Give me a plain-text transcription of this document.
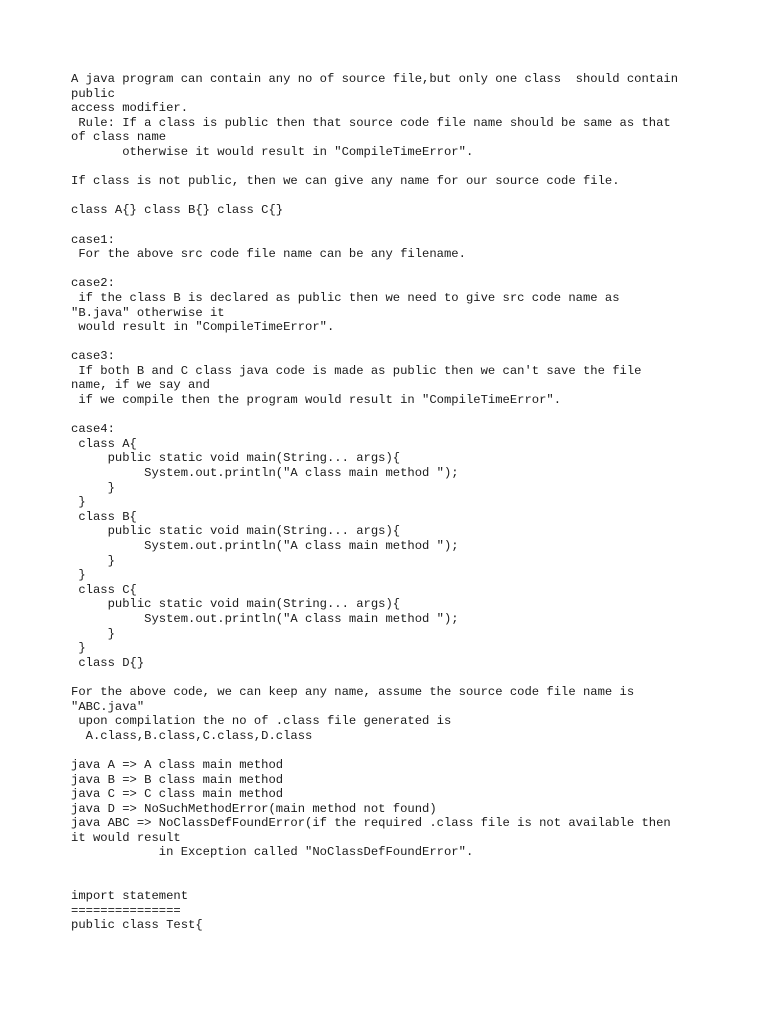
A java program can contain any no of source file,but only one class  should contain
public
access modifier.
Rule: If a class is public then that source code file name should be same as that
of class name
otherwise it would result in "CompileTimeError".

If class is not public, then we can give any name for our source code file.

class A{} class B{} class C{}

case1:
For the above src code file name can be any filename.

case2:
if the class B is declared as public then we need to give src code name as
"B.java" otherwise it
would result in "CompileTimeError".

case3:
If both B and C class java code is made as public then we can't save the file
name, if we say and
if we compile then the program would result in "CompileTimeError".

case4:
class A{
public static void main(String... args){
System.out.println("A class main method ");
}
}
class B{
public static void main(String... args){
System.out.println("A class main method ");
}
}
class C{
public static void main(String... args){
System.out.println("A class main method ");
}
}
class D{}

For the above code, we can keep any name, assume the source code file name is
"ABC.java"
upon compilation the no of .class file generated is
A.class,B.class,C.class,D.class

java A => A class main method
java B => B class main method
java C => C class main method
java D => NoSuchMethodError(main method not found)
java ABC => NoClassDefFoundError(if the required .class file is not available then
it would result
in Exception called "NoClassDefFoundError".

import statement
===============
public class Test{
